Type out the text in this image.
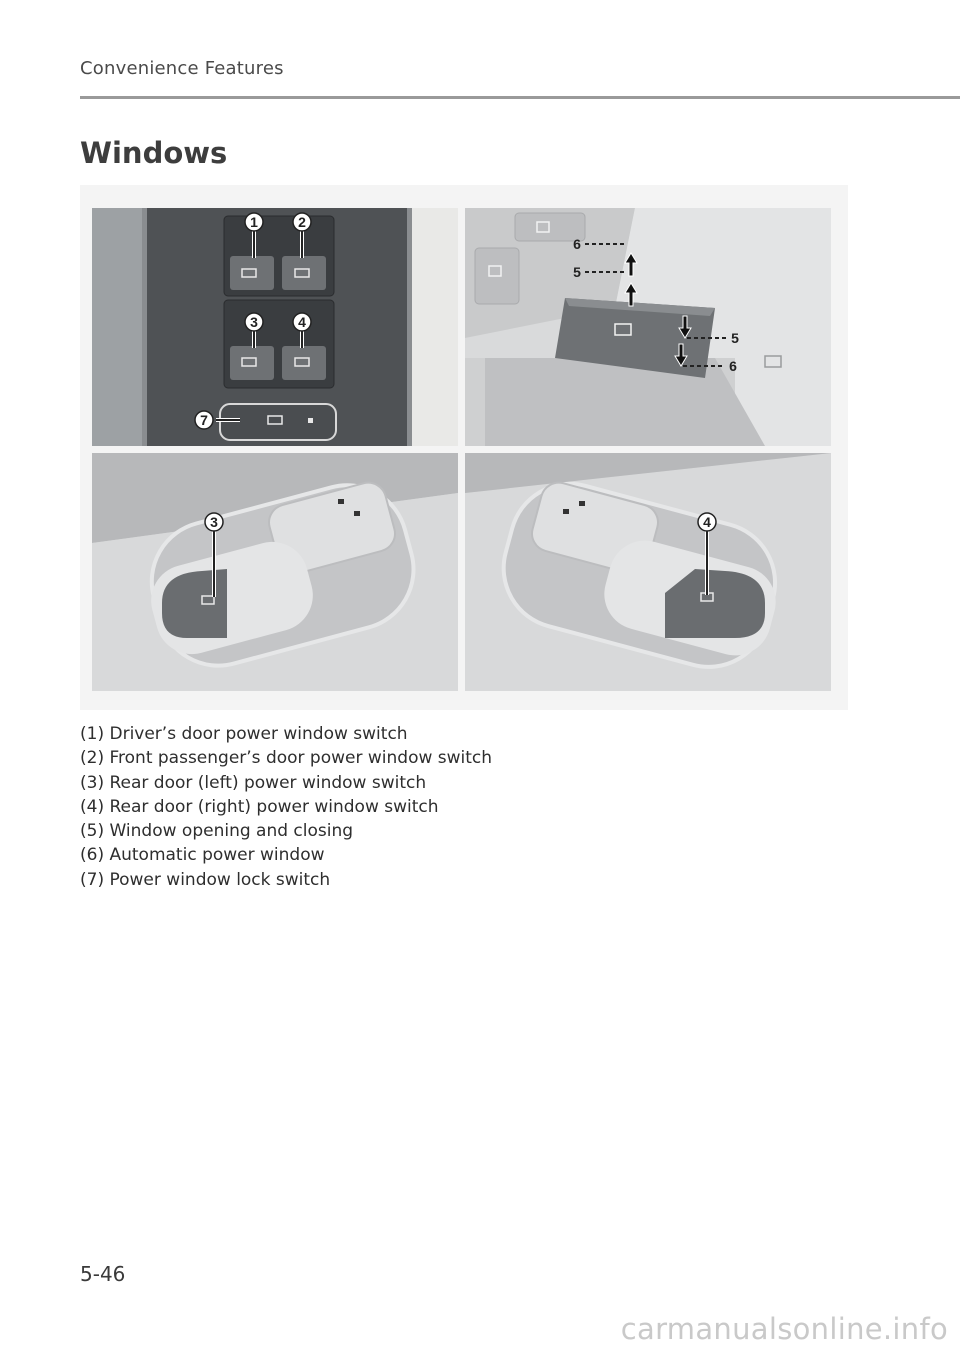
Convenience Features
Windows
1	2
3	4
7
6
5
5
6
3	4
(1) Driver’s door power window switch
(2) Front passenger’s door power window switch
(3) Rear door (left) power window switch
(4) Rear door (right) power window switch
(5) Window opening and closing
(6) Automatic power window
(7) Power window lock switch
5-46
carmanualsonline.info
